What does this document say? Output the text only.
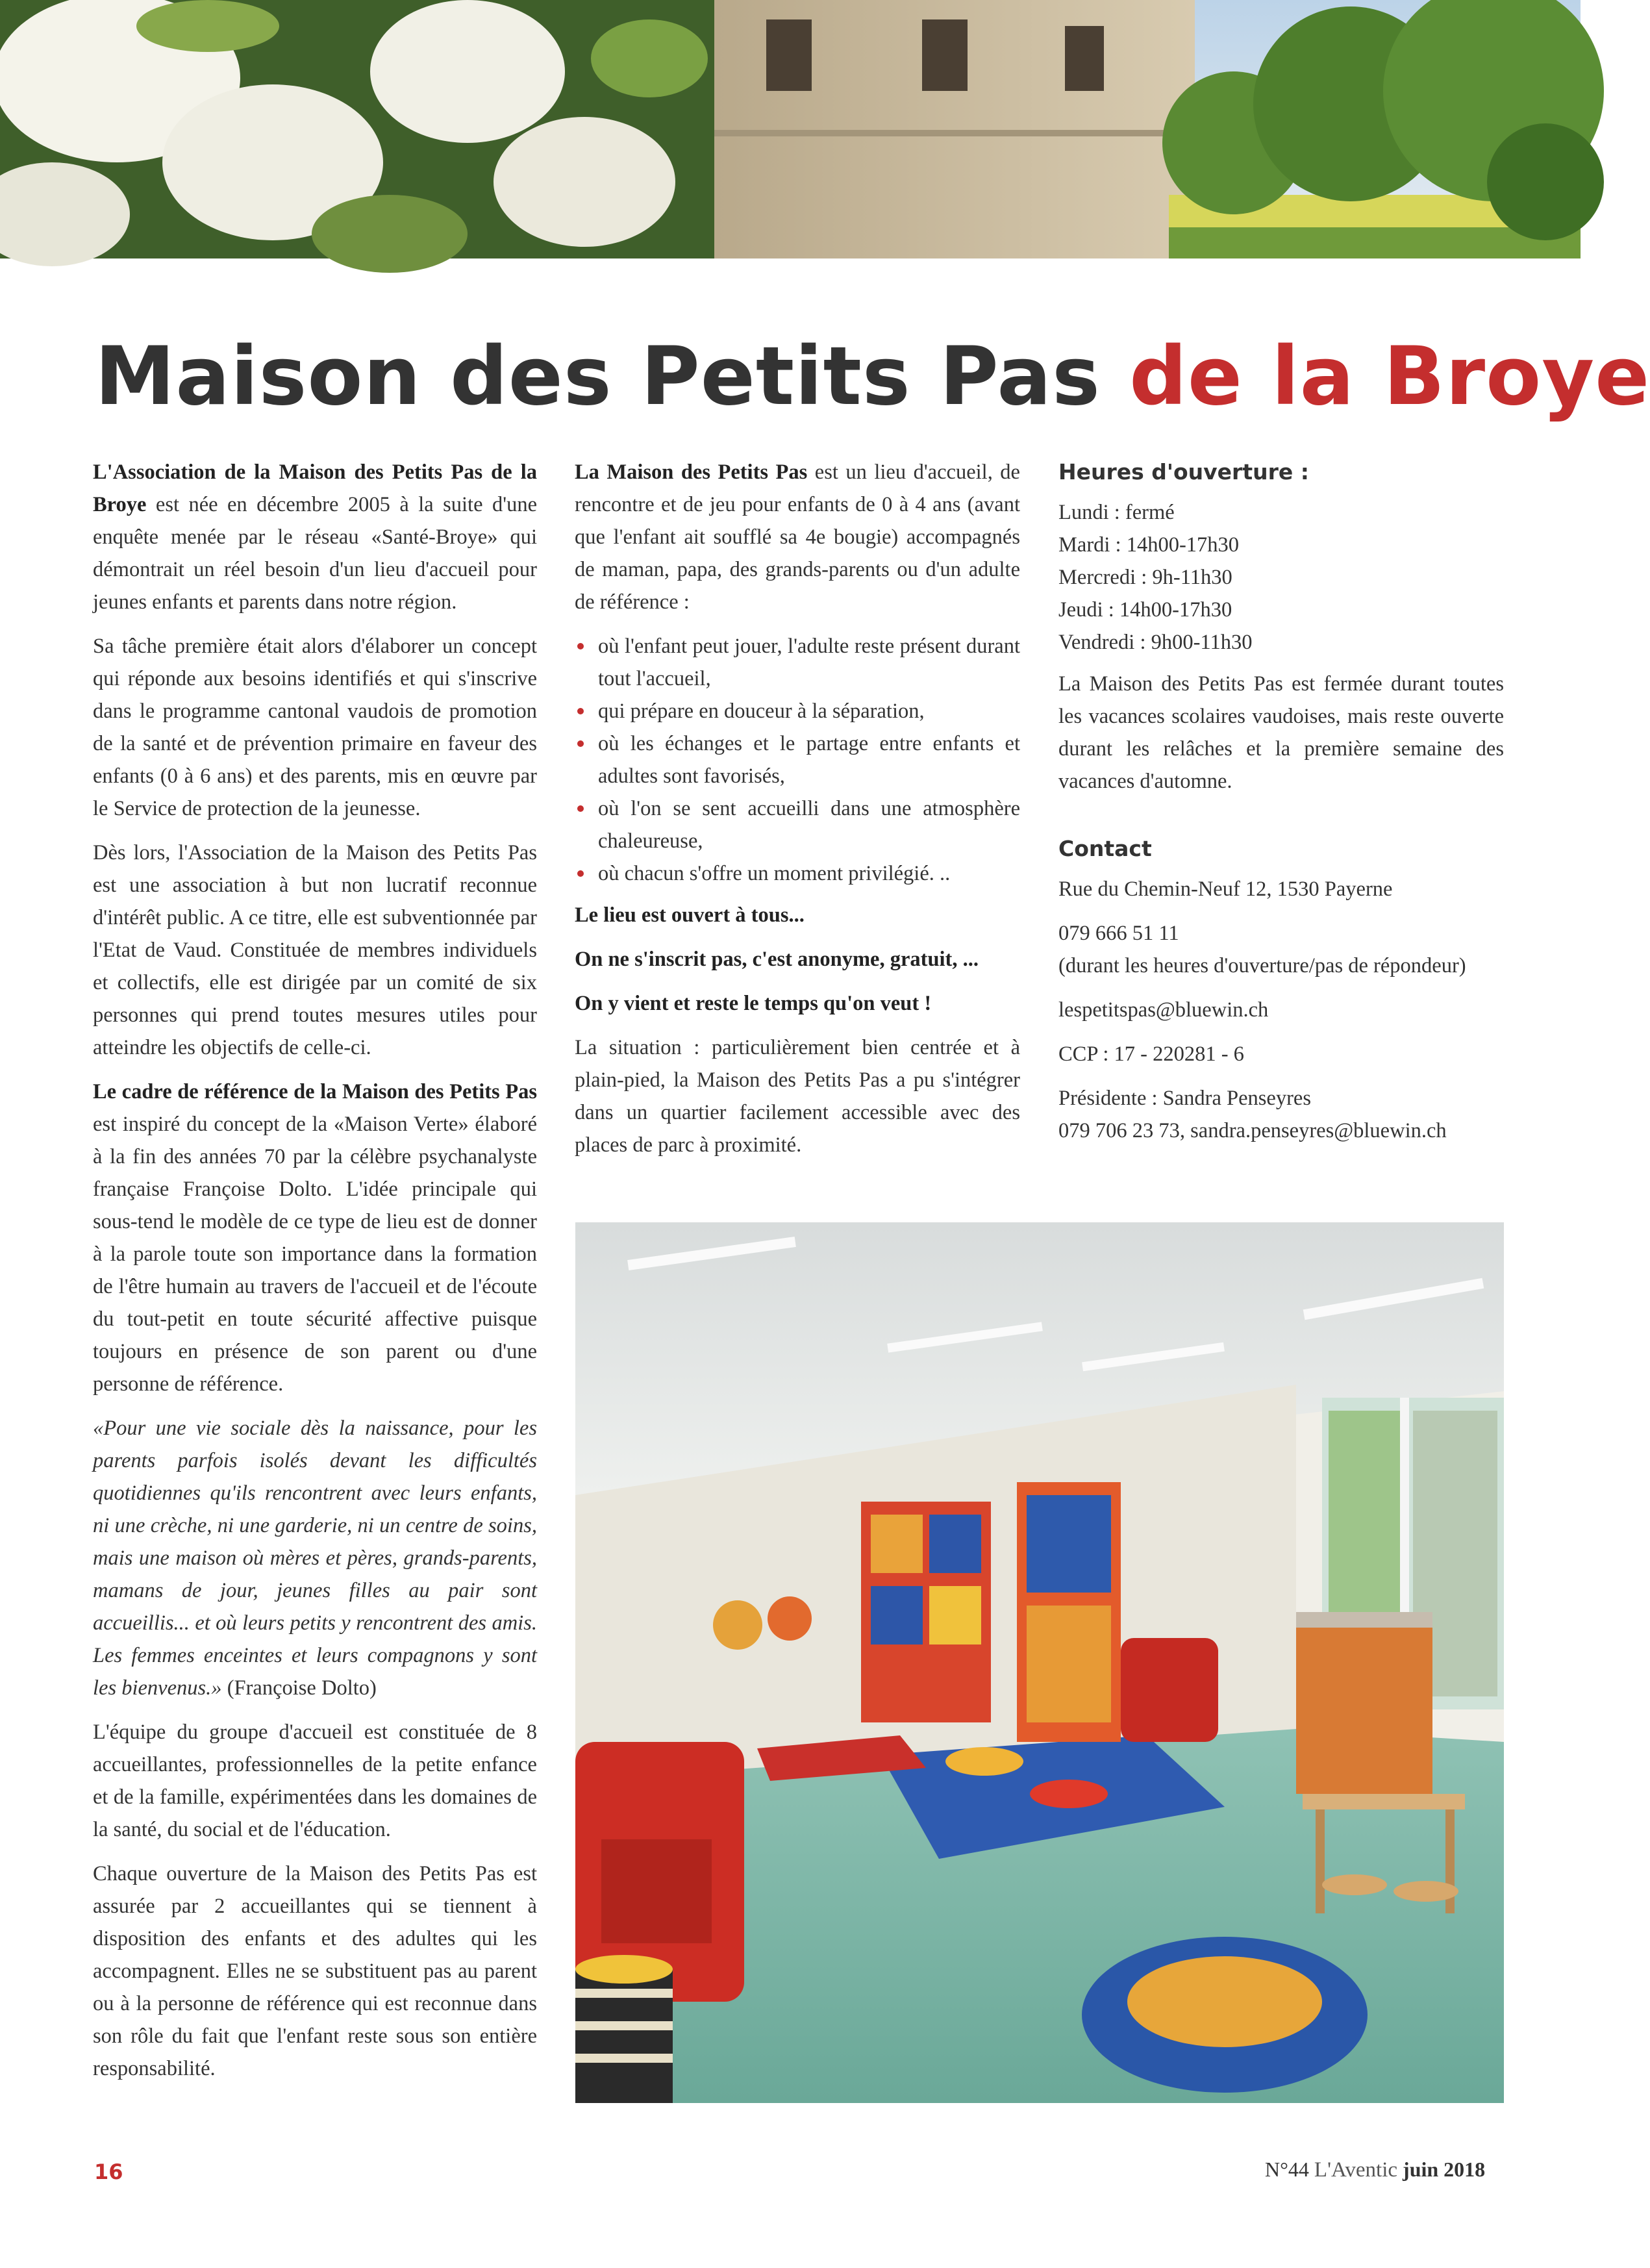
Maison des Petits Pas de la Broye

L'Association de la Maison des Petits Pas de la Broye est née en décembre 2005 à la suite d'une enquête menée par le réseau «Santé-Broye» qui démontrait un réel besoin d'un lieu d'accueil pour jeunes enfants et parents dans notre région.

Sa tâche première était alors d'élaborer un concept qui réponde aux besoins identifiés et qui s'inscrive dans le programme cantonal vaudois de promotion de la santé et de prévention primaire en faveur des enfants (0 à 6 ans) et des parents, mis en œuvre par le Service de protection de la jeunesse.

Dès lors, l'Association de la Maison des Petits Pas est une association à but non lucratif reconnue d'intérêt public. A ce titre, elle est subventionnée par l'Etat de Vaud. Constituée de membres individuels et collectifs, elle est dirigée par un comité de six personnes qui prend toutes mesures utiles pour atteindre les objectifs de celle-ci.

Le cadre de référence de la Maison des Petits Pas est inspiré du concept de la «Maison Verte» élaboré à la fin des années 70 par la célèbre psychanalyste française Françoise Dolto. L'idée principale qui sous-tend le modèle de ce type de lieu est de donner à la parole toute son importance dans la formation de l'être humain au travers de l'accueil et de l'écoute du tout-petit en toute sécurité affective puisque toujours en présence de son parent ou d'une personne de référence.

«Pour une vie sociale dès la naissance, pour les parents parfois isolés devant les difficultés quotidiennes qu'ils rencontrent avec leurs enfants, ni une crèche, ni une garderie, ni un centre de soins, mais une maison où mères et pères, grands-parents, mamans de jour, jeunes filles au pair sont accueillis... et où leurs petits y rencontrent des amis. Les femmes enceintes et leurs compagnons y sont les bienvenus.» (Françoise Dolto)

L'équipe du groupe d'accueil est constituée de 8 accueillantes, professionnelles de la petite enfance et de la famille, expérimentées dans les domaines de la santé, du social et de l'éducation.

Chaque ouverture de la Maison des Petits Pas est assurée par 2 accueillantes qui se tiennent à disposition des enfants et des adultes qui les accompagnent. Elles ne se substituent pas au parent ou à la personne de référence qui est reconnue dans son rôle du fait que l'enfant reste sous son entière responsabilité.

La Maison des Petits Pas est un lieu d'accueil, de rencontre et de jeu pour enfants de 0 à 4 ans (avant que l'enfant ait soufflé sa 4e bougie) accompagnés de maman, papa, des grands-parents ou d'un adulte de référence :

où l'enfant peut jouer, l'adulte reste présent durant tout l'accueil,
qui prépare en douceur à la séparation,
où les échanges et le partage entre enfants et adultes sont favorisés,
où l'on se sent accueilli dans une atmosphère chaleureuse,
où chacun s'offre un moment privilégié. ..

Le lieu est ouvert à tous...

On ne s'inscrit pas, c'est anonyme, gratuit, ...

On y vient et reste le temps qu'on veut !

La situation : particulièrement bien centrée et à plain-pied, la Maison des Petits Pas a pu s'intégrer dans un quartier facilement accessible avec des places de parc à proximité.

Heures d'ouverture :
Lundi : fermé
Mardi : 14h00-17h30
Mercredi : 9h-11h30
Jeudi : 14h00-17h30
Vendredi : 9h00-11h30

La Maison des Petits Pas est fermée durant toutes les vacances scolaires vaudoises, mais reste ouverte durant les relâches et la première semaine des vacances d'automne.

Contact

Rue du Chemin-Neuf 12, 1530 Payerne

079 666 51 11

(durant les heures d'ouverture/pas de répondeur)

lespetitspas@bluewin.ch

CCP : 17 - 220281 - 6

Présidente : Sandra Penseyres

079 706 23 73, sandra.penseyres@bluewin.ch

16	N°44 L'Aventic juin 2018
